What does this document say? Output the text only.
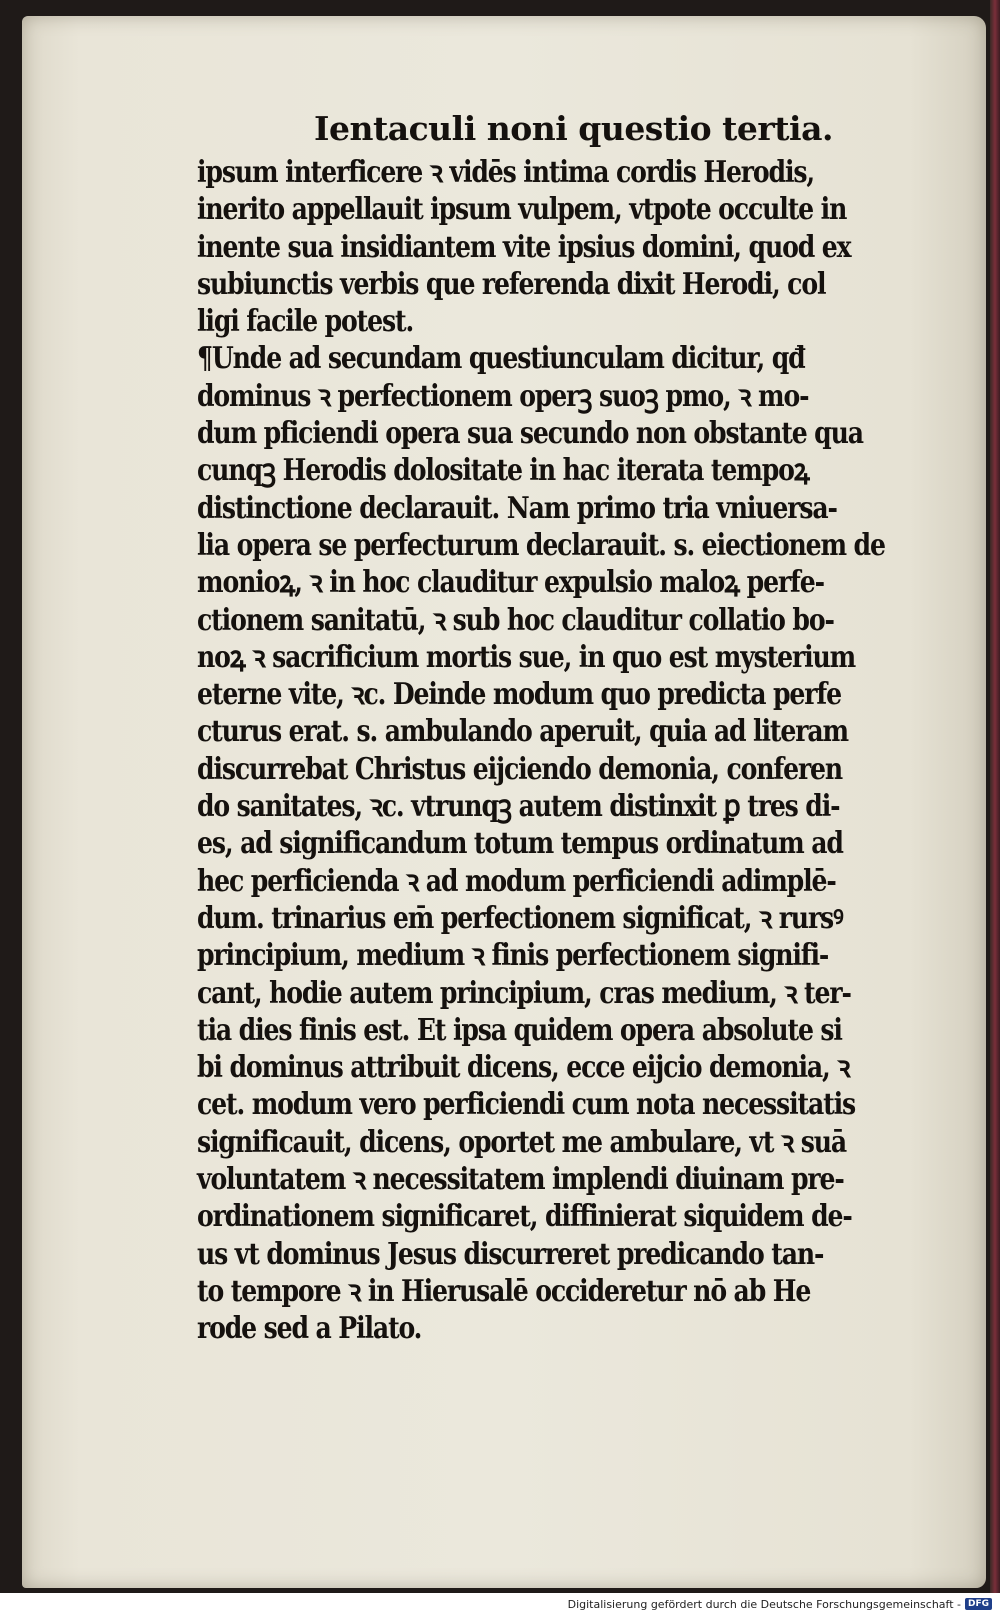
Ientaculi noni questio tertia.
ipsum interficere ꝛ vidēs intima cordis Herodis,
inerito appellauit ipsum vulpem, vtpote occulte in
inente sua insidiantem vite ipsius domini, quod ex
subiunctis verbis que referenda dixit Herodi, col
ligi facile potest.
¶Unde ad secundam questiunculam dicitur, qđ
dominus ꝛ perfectionem operꝫ suoꝫ pmo, ꝛ mo-
dum pficiendi opera sua secundo non obstante qua
cunqꝫ Herodis dolositate in hac iterata tempoꝝ
distinctione declarauit. Nam primo tria vniuersa-
lia opera se perfecturum declarauit. s. eiectionem de
monioꝝ, ꝛ in hoc clauditur expulsio maloꝝ perfe-
ctionem sanitatū, ꝛ sub hoc clauditur collatio bo-
noꝝ ꝛ sacrificium mortis sue, in quo est mysterium
eterne vite, ꝛc. Deinde modum quo predicta perfe
cturus erat. s. ambulando aperuit, quia ad literam
discurrebat Christus eijciendo demonia, conferen
do sanitates, ꝛc. vtrunqꝫ autem distinxit ꝑ tres di-
es, ad significandum totum tempus ordinatum ad
hec perficienda ꝛ ad modum perficiendi adimplē-
dum. trinarius em̄ perfectionem significat, ꝛ rursꝰ
principium, medium ꝛ finis perfectionem signifi-
cant, hodie autem principium, cras medium, ꝛ ter-
tia dies finis est. Et ipsa quidem opera absolute si
bi dominus attribuit dicens, ecce eijcio demonia, ꝛ
cet. modum vero perficiendi cum nota necessitatis
significauit, dicens, oportet me ambulare, vt ꝛ suā
voluntatem ꝛ necessitatem implendi diuinam pre-
ordinationem significaret, diffinierat siquidem de-
us vt dominus Jesus discurreret predicando tan-
to tempore ꝛ in Hierusalē occideretur nō ab He
rode sed a Pilato.
Digitalisierung gefördert durch die Deutsche Forschungsgemeinschaft - DFG
